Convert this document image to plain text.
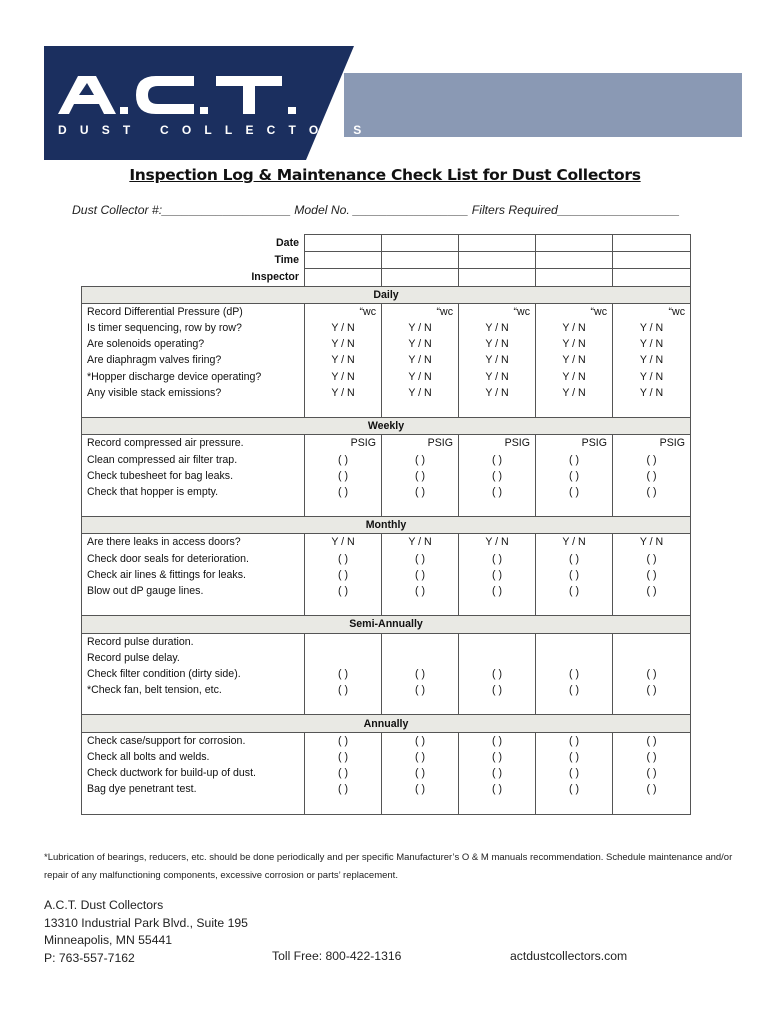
DUST COLLECTORS
Inspection Log & Maintenance Check List for Dust Collectors
Dust Collector #:___________________ Model No. _________________ Filters Required__________________
Date					
Time					
Inspector					
Daily					
Record Differential Pressure (dP)	“wc	“wc	“wc	“wc	“wc
Is timer sequencing, row by row?	Y / N	Y / N	Y / N	Y / N	Y / N
Are solenoids operating?	Y / N	Y / N	Y / N	Y / N	Y / N
Are diaphragm valves firing?	Y / N	Y / N	Y / N	Y / N	Y / N
*Hopper discharge device operating?	Y / N	Y / N	Y / N	Y / N	Y / N
Any visible stack emissions?	Y / N	Y / N	Y / N	Y / N	Y / N

Weekly					
Record compressed air pressure.	PSIG	PSIG	PSIG	PSIG	PSIG
Clean compressed air filter trap.	( )	( )	( )	( )	( )
Check tubesheet for bag leaks.	( )	( )	( )	( )	( )
Check that hopper is empty.	( )	( )	( )	( )	( )

Monthly					
Are there leaks in access doors?	Y / N	Y / N	Y / N	Y / N	Y / N
Check door seals for deterioration.	( )	( )	( )	( )	( )
Check air lines & fittings for leaks.	( )	( )	( )	( )	( )
Blow out dP gauge lines.	( )	( )	( )	( )	( )

Semi-Annually					
Record pulse duration.					
Record pulse delay.					
Check filter condition (dirty side).	( )	( )	( )	( )	( )
*Check fan, belt tension, etc.	( )	( )	( )	( )	( )

Annually					
Check case/support for corrosion.	( )	( )	( )	( )	( )
Check all bolts and welds.	( )	( )	( )	( )	( )
Check ductwork for build-up of dust.	( )	( )	( )	( )	( )
Bag dye penetrant test.	( )	( )	( )	( )	( )

*Lubrication of bearings, reducers, etc. should be done periodically and per specific Manufacturer’s O & M manuals recommendation. Schedule maintenance and/or repair of any malfunctioning components, excessive corrosion or parts’ replacement.
A.C.T. Dust Collectors
13310 Industrial Park Blvd., Suite 195
Minneapolis, MN 55441
P: 763-557-7162	Toll Free: 800-422-1316	actdustcollectors.com
